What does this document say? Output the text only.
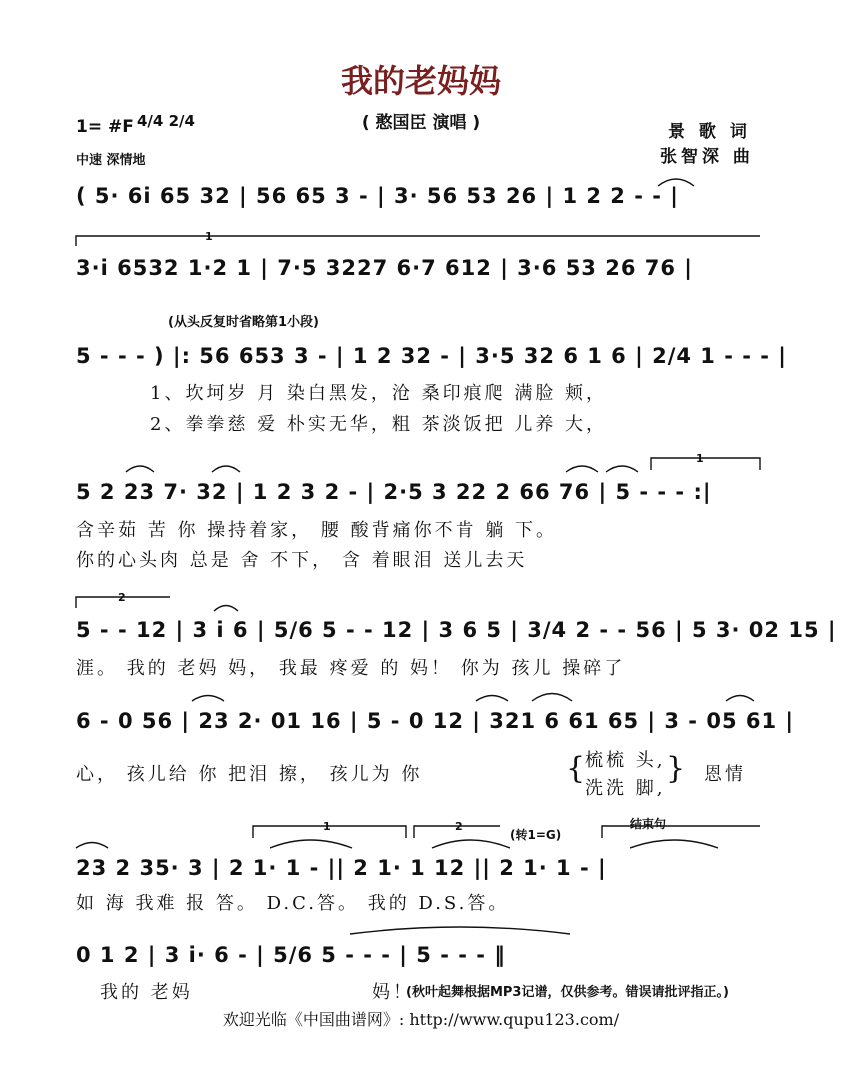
我的老妈妈
( 憨国臣 演唱 )
1= #F 4/4 2/4
中速 深情地
景 歌 词
张智深 曲
( 5· 6i 65 32 | 56 65 3 - | 3· 56 53 26 | 1 2 2 - - |
3·i 6532 1·2 1 | 7·5 3227 6·7 612 | 3·6 53 26 76 |
(从头反复时省略第1小段)
5 - - - ) |: 56 653 3 - | 1 2 32 - | 3·5 32 6 1 6 | 2/4 1 - - - |
1、坎坷岁 月 染白黑发，沧 桑印痕爬 满脸 颊，
2、拳拳慈 爱 朴实无华，粗 茶淡饭把 儿养 大，
5 2 23 7· 32 | 1 2 3 2 - | 2·5 3 22 2 66 76 | 5 - - - :|
含辛茹 苦 你 操持着家， 腰 酸背痛你不肯 躺 下。
你的心头肉 总是 舍 不下， 含 着眼泪 送儿去天
5 - - 12 | 3 i 6 | 5/6 5 - - 12 | 3 6 5 | 3/4 2 - - 56 | 5 3· 02 15 |
涯。 我的 老妈 妈， 我最 疼爱 的 妈！ 你为 孩儿 操碎了
6 - 0 56 | 23 2· 01 16 | 5 - 0 12 | 321 6 61 65 | 3 - 05 61 |
心， 孩儿给 你 把泪 擦， 孩儿为 你	{ 梳梳 头,
洗洗 脚,
} 恩情
(转1=G)
结束句
23 2 35· 3 | 2 1· 1 - || 2 1· 1 12 || 2 1· 1 - |
如 海 我难 报 答。 D.C.答。 我的 D.S.答。
0 1 2 | 3 i· 6 - | 5/6 5 - - - | 5 - - - ‖
我的 老妈	妈！
(秋叶起舞根据MP3记谱，仅供参考。错误请批评指正。)
1
1
2
1	2
欢迎光临《中国曲谱网》: http://www.qupu123.com/
